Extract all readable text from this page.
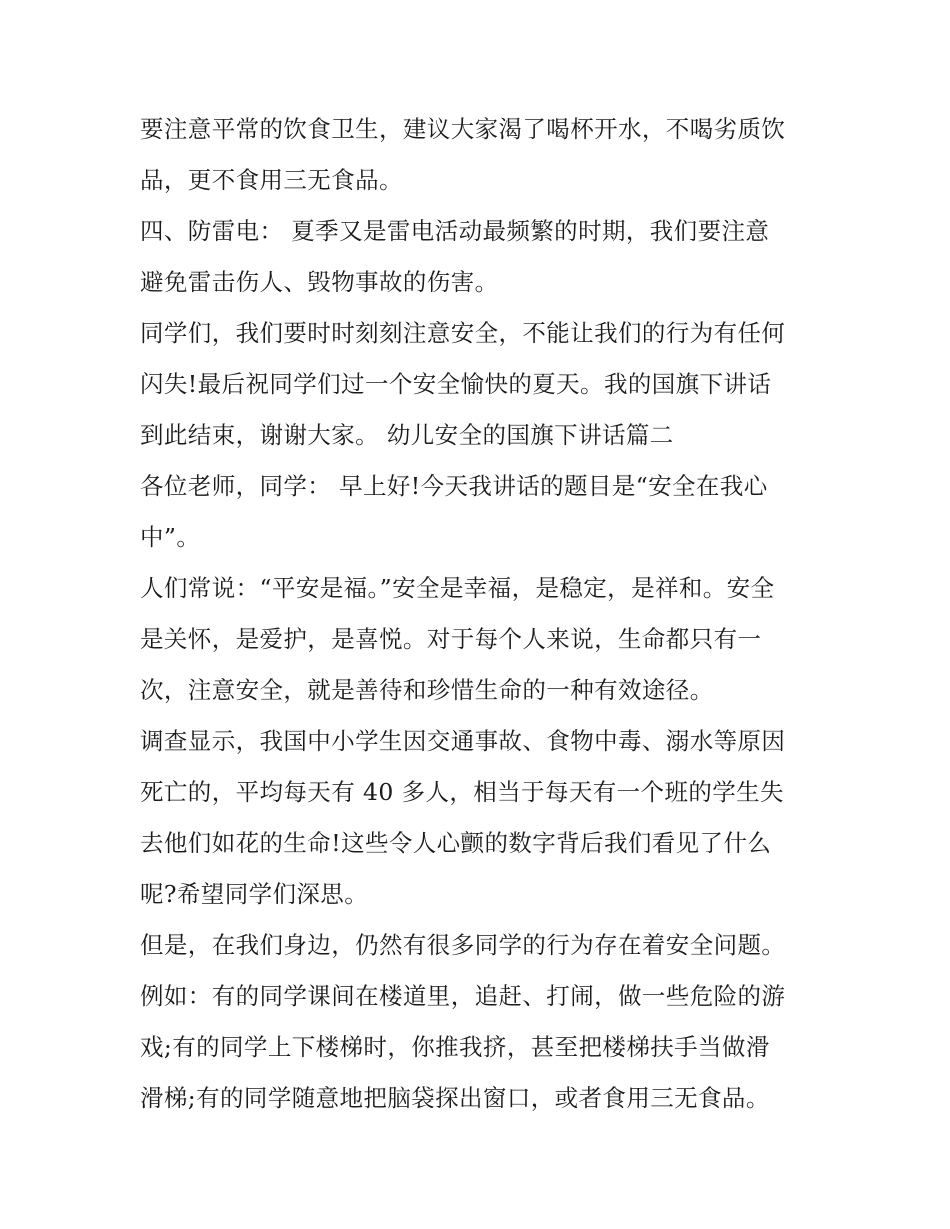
要注意平常的饮食卫生，建议大家渴了喝杯开水，不喝劣质饮
品，更不食用三无食品。
四、防雷电： 夏季又是雷电活动最频繁的时期，我们要注意
避免雷击伤人、毁物事故的伤害。
同学们，我们要时时刻刻注意安全，不能让我们的行为有任何
闪失!最后祝同学们过一个安全愉快的夏天。我的国旗下讲话
到此结束，谢谢大家。 幼儿安全的国旗下讲话篇二
各位老师，同学： 早上好!今天我讲话的题目是“安全在我心
中”。
人们常说：“平安是福。”安全是幸福，是稳定，是祥和。安全
是关怀，是爱护，是喜悦。对于每个人来说，生命都只有一
次，注意安全，就是善待和珍惜生命的一种有效途径。
调查显示，我国中小学生因交通事故、食物中毒、溺水等原因
死亡的，平均每天有 40 多人，相当于每天有一个班的学生失
去他们如花的生命!这些令人心颤的数字背后我们看见了什么
呢?希望同学们深思。
但是，在我们身边，仍然有很多同学的行为存在着安全问题。
例如：有的同学课间在楼道里，追赶、打闹，做一些危险的游
戏;有的同学上下楼梯时，你推我挤，甚至把楼梯扶手当做滑
滑梯;有的同学随意地把脑袋探出窗口，或者食用三无食品。
